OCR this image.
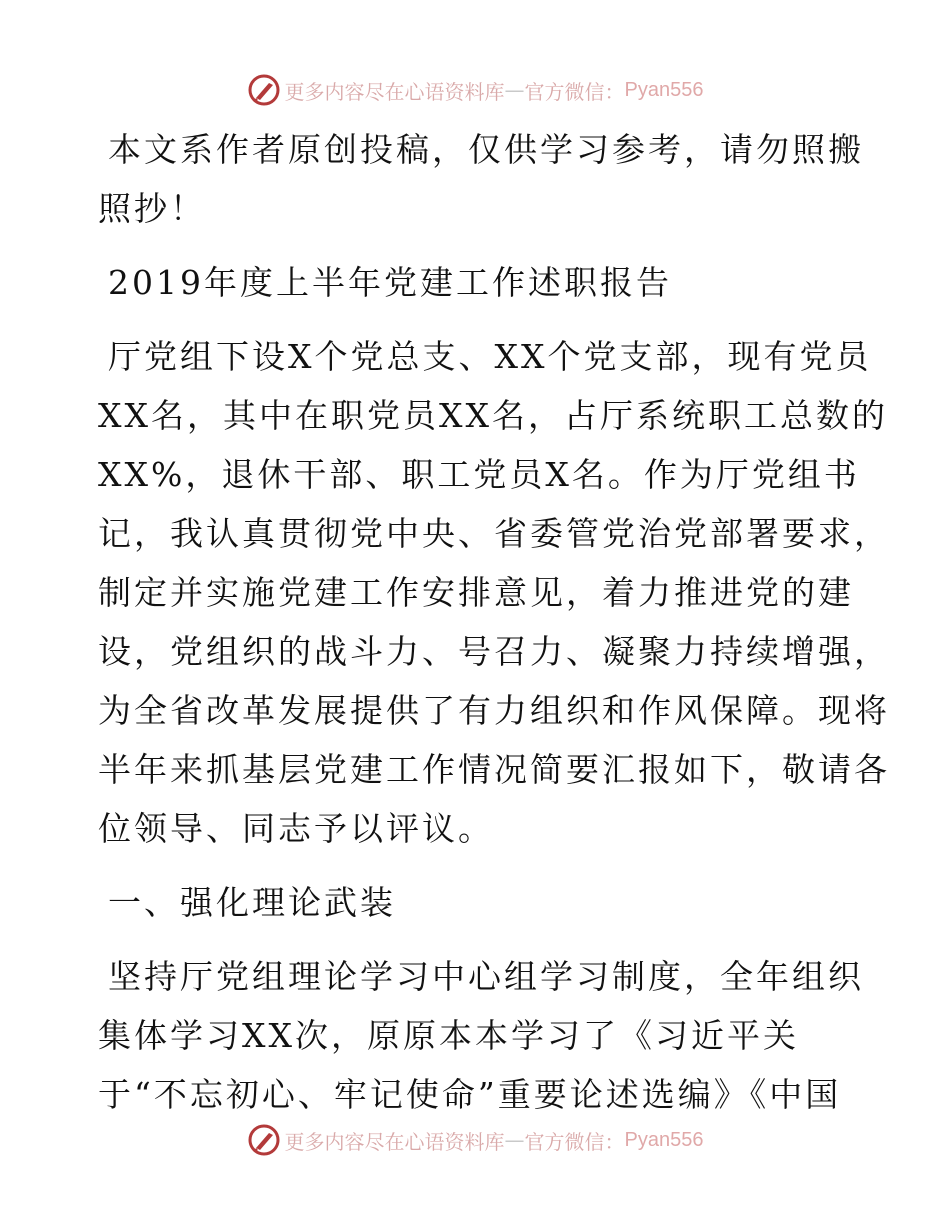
更多内容尽在心语资料库 — 官方微信： Pyan556

本文系作者原创投稿，仅供学习参考，请勿照搬
照抄！

2019年度上半年党建工作述职报告

厅党组下设X个党总支、XX个党支部，现有党员
XX名，其中在职党员XX名，占厅系统职工总数的
XX%，退休干部、职工党员X名。作为厅党组书
记，我认真贯彻党中央、省委管党治党部署要求，
制定并实施党建工作安排意见，着力推进党的建
设，党组织的战斗力、号召力、凝聚力持续增强，
为全省改革发展提供了有力组织和作风保障。现将
半年来抓基层党建工作情况简要汇报如下，敬请各
位领导、同志予以评议。

一、强化理论武装

坚持厅党组理论学习中心组学习制度，全年组织
集体学习XX次，原原本本学习了《习近平关
于“不忘初心、牢记使命”重要论述选编》《中国

更多内容尽在心语资料库 — 官方微信： Pyan556
